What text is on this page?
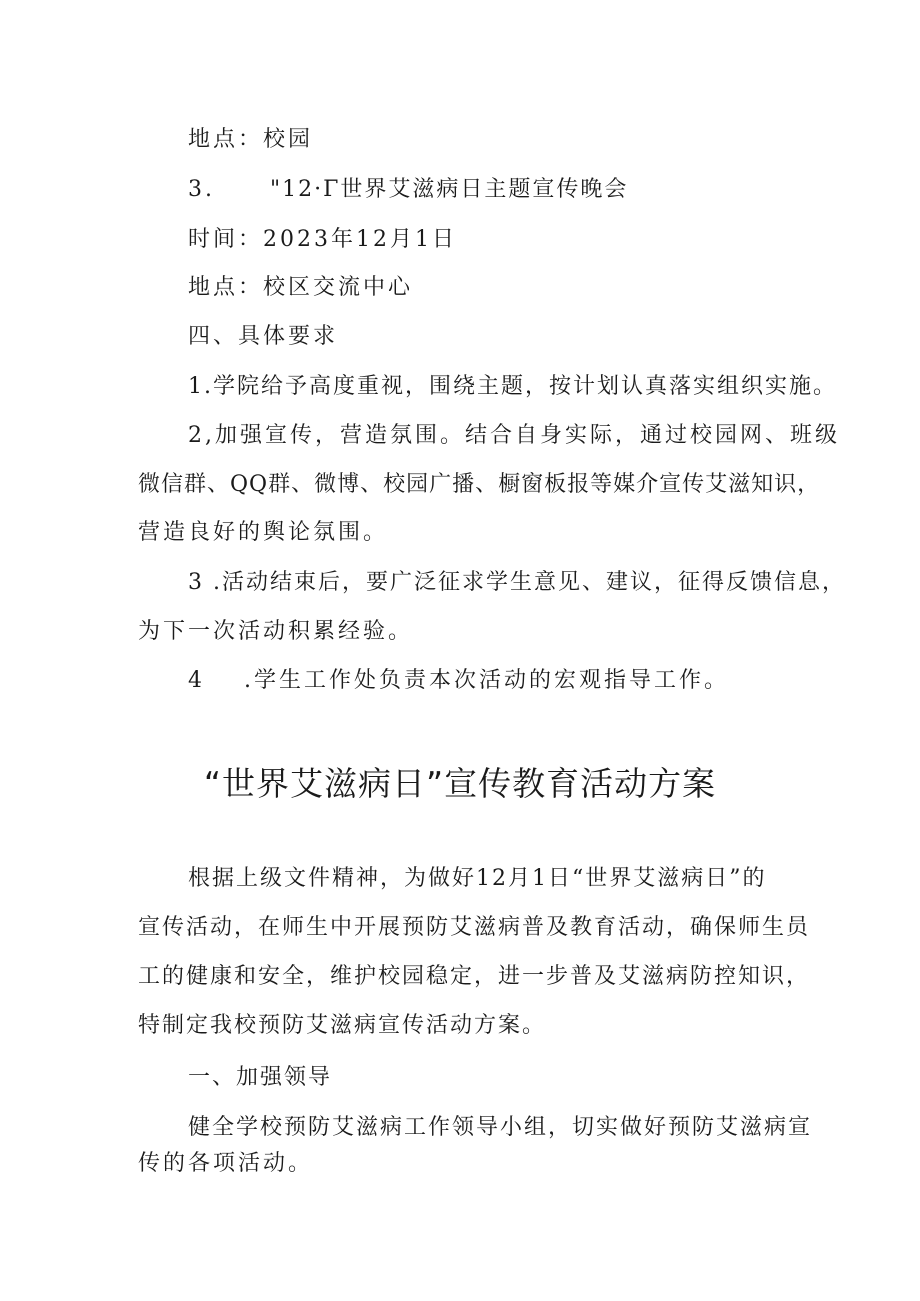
地点：校园
3.	"12·Γ世界艾滋病日主题宣传晚会
时间：2023年12月1日
地点：校区交流中心
四、具体要求
1.学院给予高度重视，围绕主题，按计划认真落实组织实施。
2,加强宣传，营造氛围。结合自身实际，通过校园网、班级
微信群、QQ群、微博、校园广播、橱窗板报等媒介宣传艾滋知识，
营造良好的舆论氛围。
3 .活动结束后，要广泛征求学生意见、建议，征得反馈信息，
为下一次活动积累经验。
4 .学生工作处负责本次活动的宏观指导工作。
“世界艾滋病日”宣传教育活动方案
根据上级文件精神，为做好12月1日“世界艾滋病日”的
宣传活动，在师生中开展预防艾滋病普及教育活动，确保师生员
工的健康和安全，维护校园稳定，进一步普及艾滋病防控知识，
特制定我校预防艾滋病宣传活动方案。
一、加强领导
健全学校预防艾滋病工作领导小组，切实做好预防艾滋病宣
传的各项活动。
